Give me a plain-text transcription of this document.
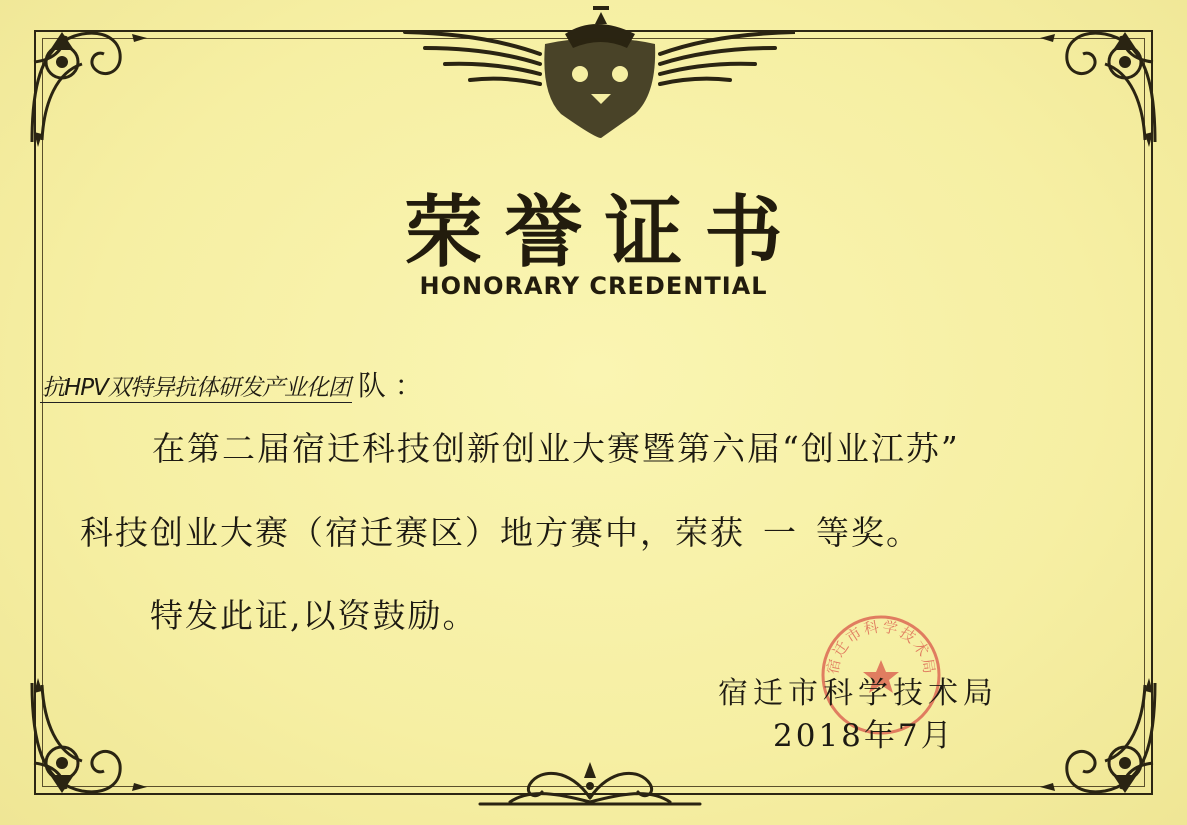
荣誉证书
HONORARY CREDENTIAL
抗HPV双特异抗体研发产业化团 队 ：
在第二届宿迁科技创新创业大赛暨第六届“创业江苏”
科技创业大赛（宿迁赛区）地方赛中，荣获 一 等奖。
特发此证,以资鼓励。
宿迁市科学技术局
宿迁市科学技术局
2018年7月
